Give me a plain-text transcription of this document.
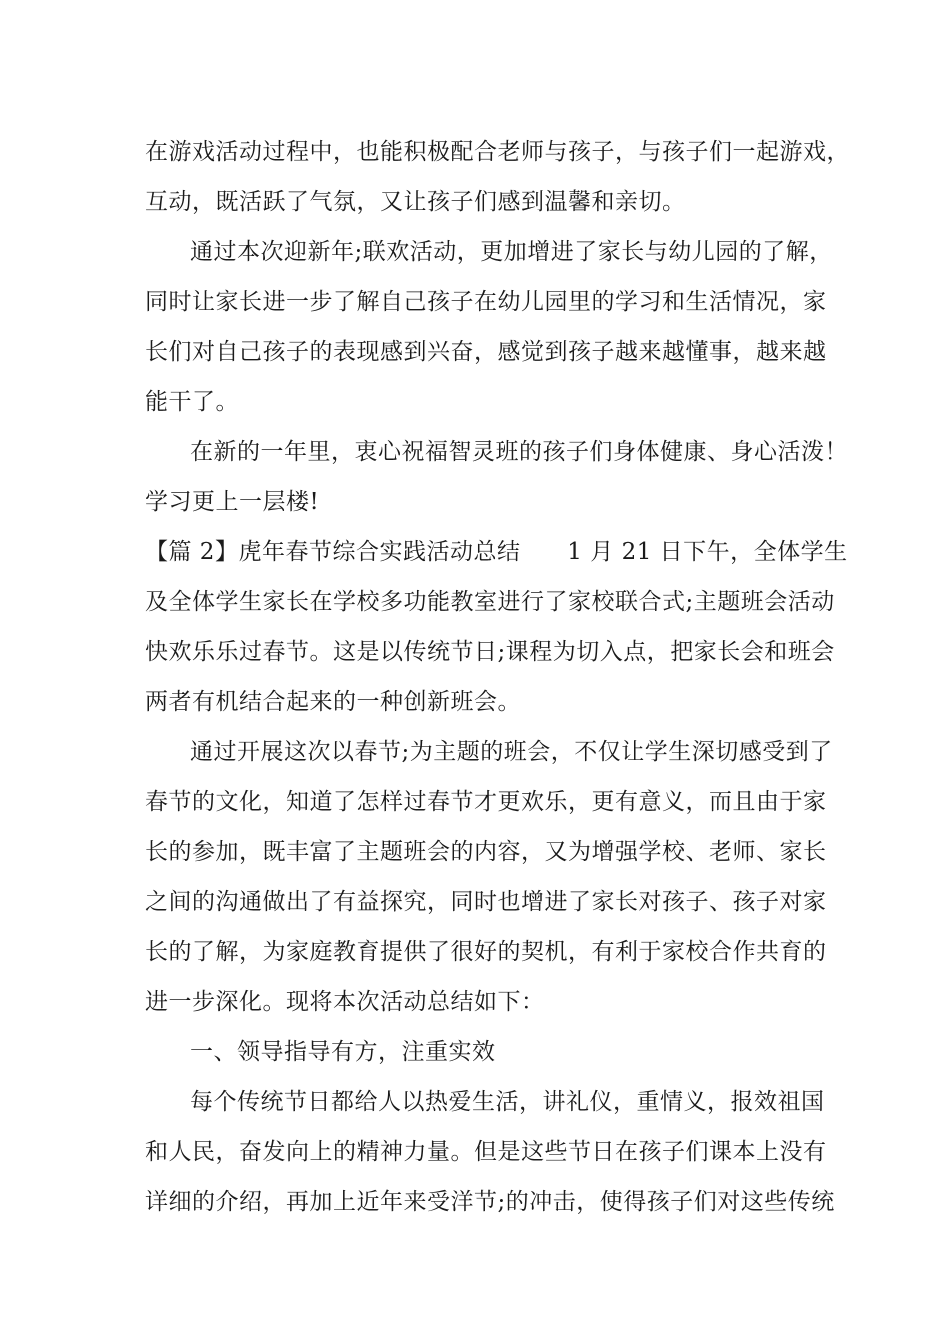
在游戏活动过程中，也能积极配合老师与孩子，与孩子们一起游戏，
互动，既活跃了气氛，又让孩子们感到温馨和亲切。
通过本次迎新年;联欢活动，更加增进了家长与幼儿园的了解，
同时让家长进一步了解自己孩子在幼儿园里的学习和生活情况，家
长们对自己孩子的表现感到兴奋，感觉到孩子越来越懂事，越来越
能干了。
在新的一年里，衷心祝福智灵班的孩子们身体健康、身心活泼！
学习更上一层楼!
【篇 2】虎年春节综合实践活动总结      1 月 21 日下午，全体学生
及全体学生家长在学校多功能教室进行了家校联合式;主题班会活动
快欢乐乐过春节。这是以传统节日;课程为切入点，把家长会和班会
两者有机结合起来的一种创新班会。
通过开展这次以春节;为主题的班会，不仅让学生深切感受到了
春节的文化，知道了怎样过春节才更欢乐，更有意义，而且由于家
长的参加，既丰富了主题班会的内容，又为增强学校、老师、家长
之间的沟通做出了有益探究，同时也增进了家长对孩子、孩子对家
长的了解，为家庭教育提供了很好的契机，有利于家校合作共育的
进一步深化。现将本次活动总结如下：
一、领导指导有方，注重实效
每个传统节日都给人以热爱生活，讲礼仪，重情义，报效祖国
和人民，奋发向上的精神力量。但是这些节日在孩子们课本上没有
详细的介绍，再加上近年来受洋节;的冲击，使得孩子们对这些传统
